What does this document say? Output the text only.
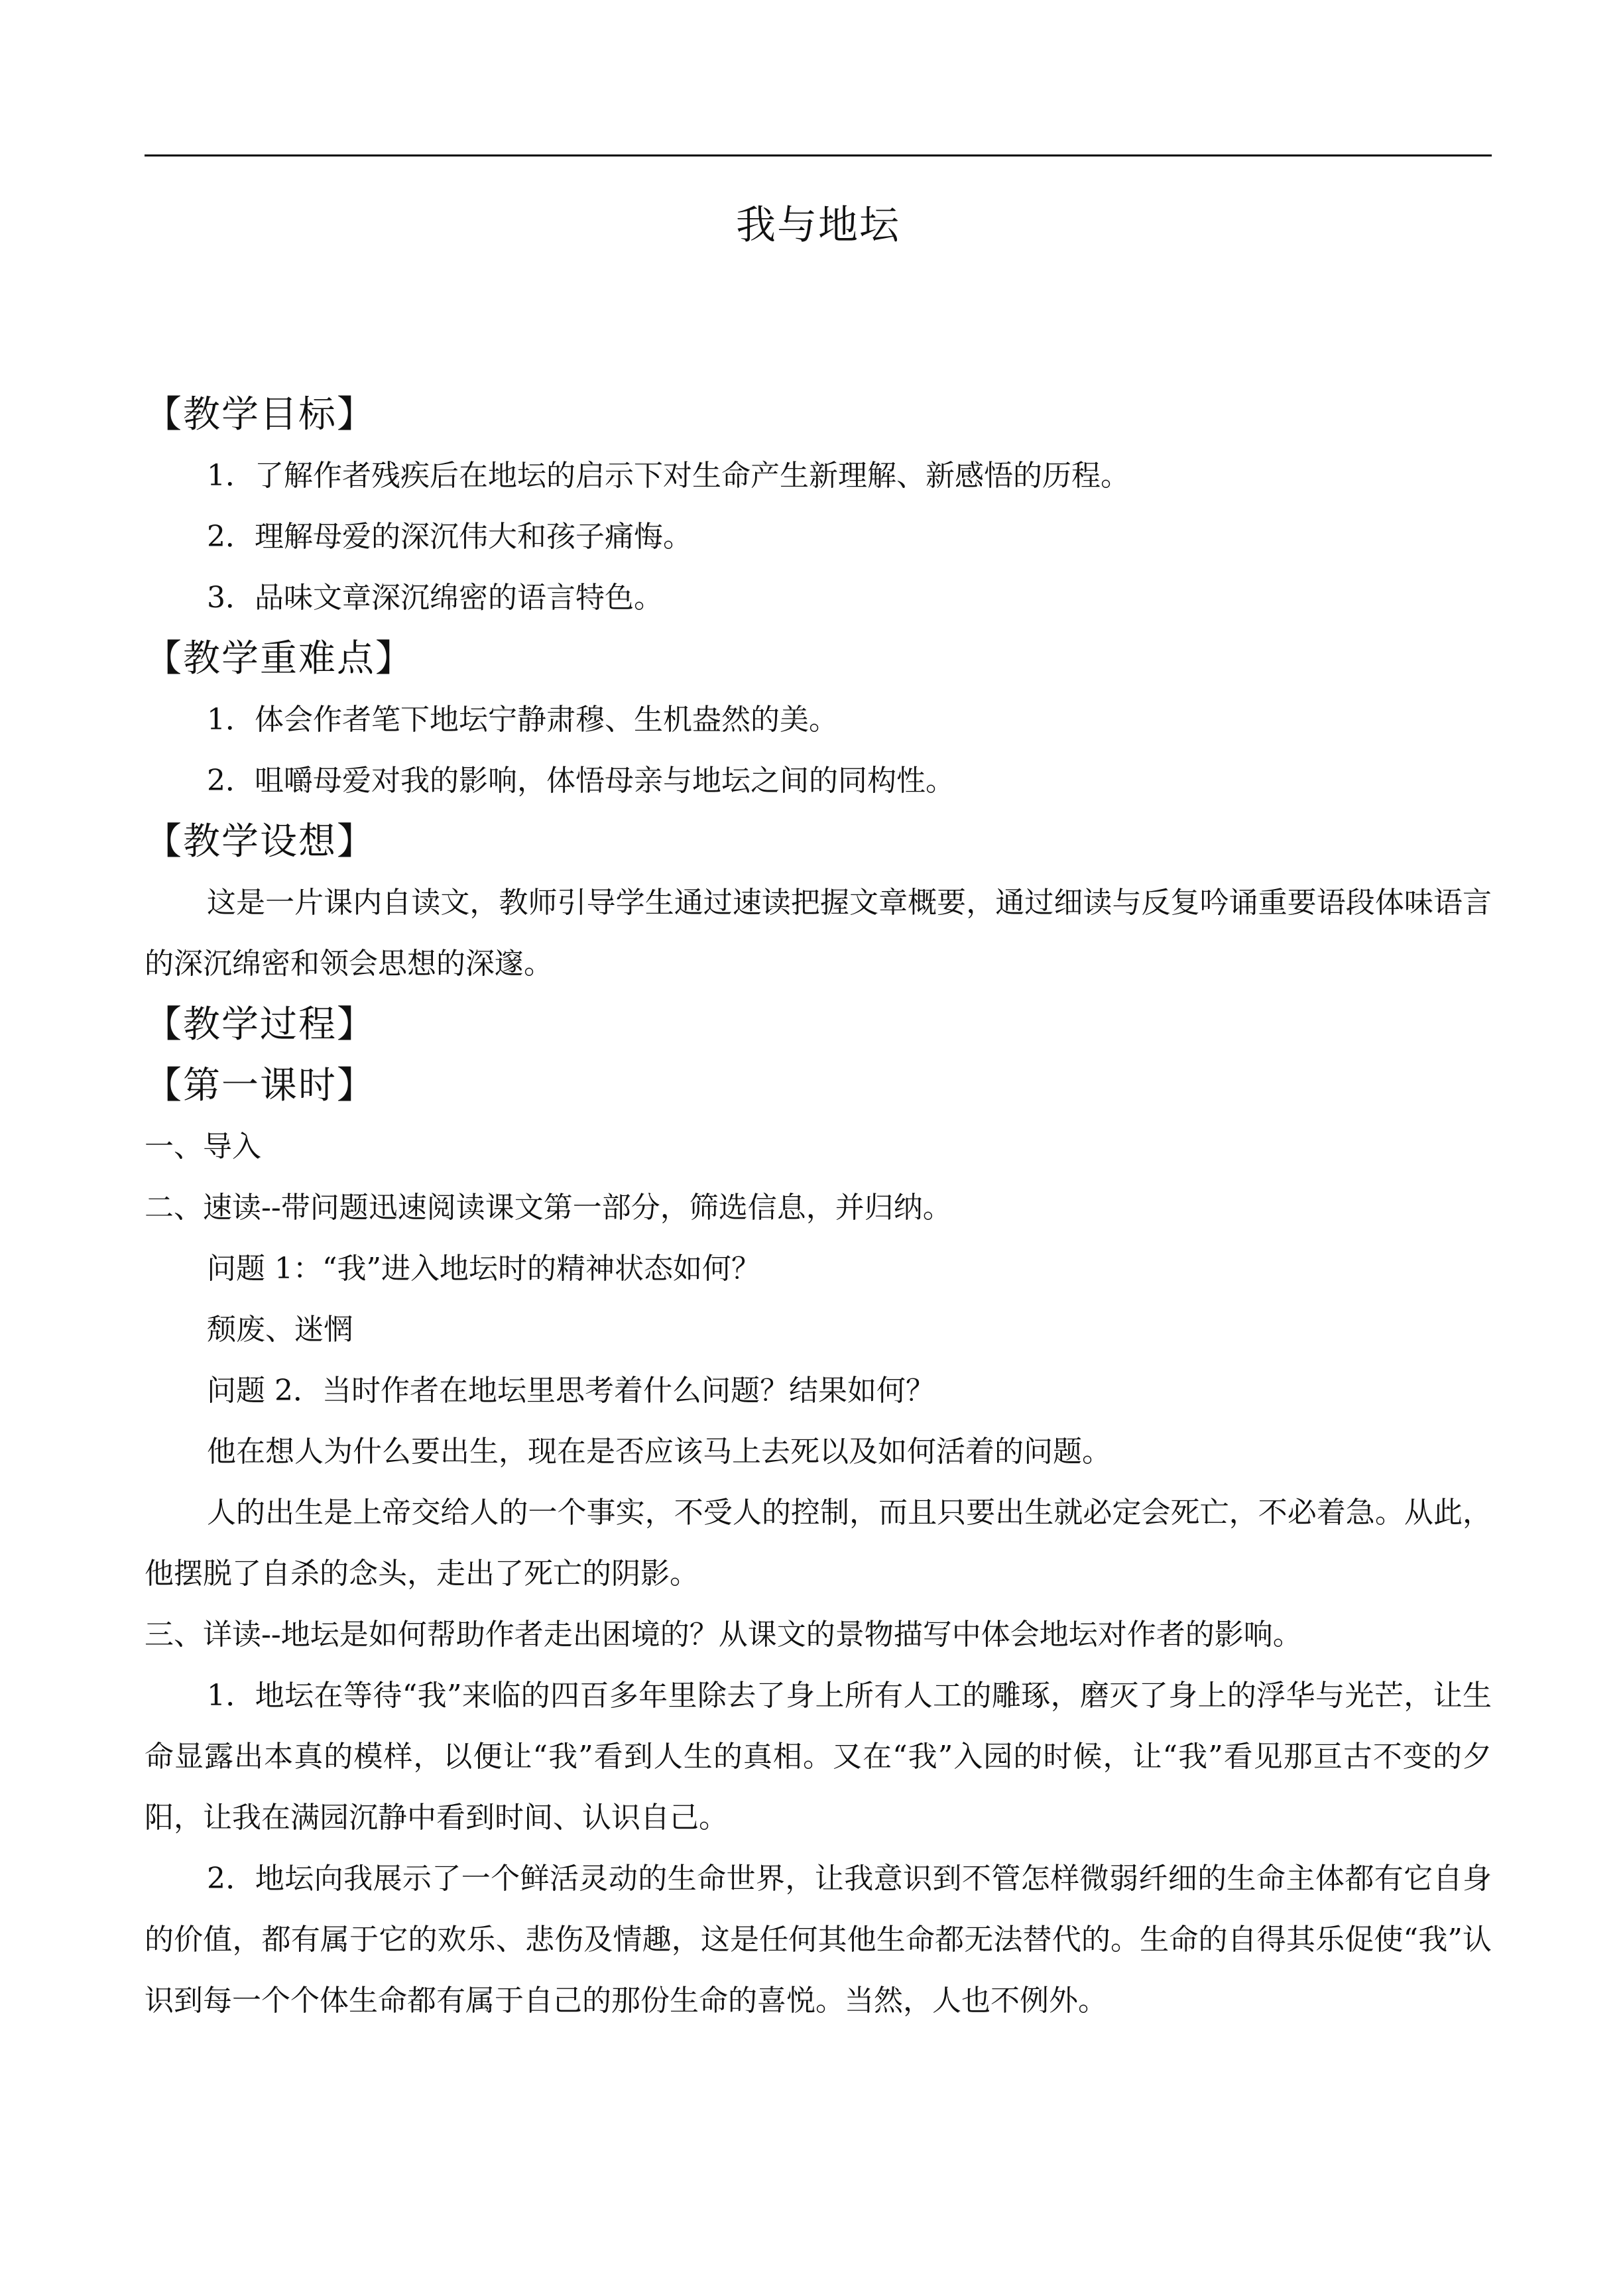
我与地坛
【教学目标】
1．了解作者残疾后在地坛的启示下对生命产生新理解、新感悟的历程。
2．理解母爱的深沉伟大和孩子痛悔。
3．品味文章深沉绵密的语言特色。
【教学重难点】
1．体会作者笔下地坛宁静肃穆、生机盎然的美。
2．咀嚼母爱对我的影响，体悟母亲与地坛之间的同构性。
【教学设想】
这是一片课内自读文，教师引导学生通过速读把握文章概要，通过细读与反复吟诵重要语段体味语言的深沉绵密和领会思想的深邃。
【教学过程】
【第一课时】
一、导入
二、速读--带问题迅速阅读课文第一部分，筛选信息，并归纳。
问题 1：“我”进入地坛时的精神状态如何？
颓废、迷惘
问题 2．当时作者在地坛里思考着什么问题？结果如何？
他在想人为什么要出生，现在是否应该马上去死以及如何活着的问题。
人的出生是上帝交给人的一个事实，不受人的控制，而且只要出生就必定会死亡，不必着急。从此，他摆脱了自杀的念头，走出了死亡的阴影。
三、详读--地坛是如何帮助作者走出困境的？从课文的景物描写中体会地坛对作者的影响。
1．地坛在等待“我”来临的四百多年里除去了身上所有人工的雕琢，磨灭了身上的浮华与光芒，让生命显露出本真的模样，以便让“我”看到人生的真相。又在“我”入园的时候，让“我”看见那亘古不变的夕阳，让我在满园沉静中看到时间、认识自己。
2．地坛向我展示了一个鲜活灵动的生命世界，让我意识到不管怎样微弱纤细的生命主体都有它自身的价值，都有属于它的欢乐、悲伤及情趣，这是任何其他生命都无法替代的。生命的自得其乐促使“我”认识到每一个个体生命都有属于自己的那份生命的喜悦。当然，人也不例外。
